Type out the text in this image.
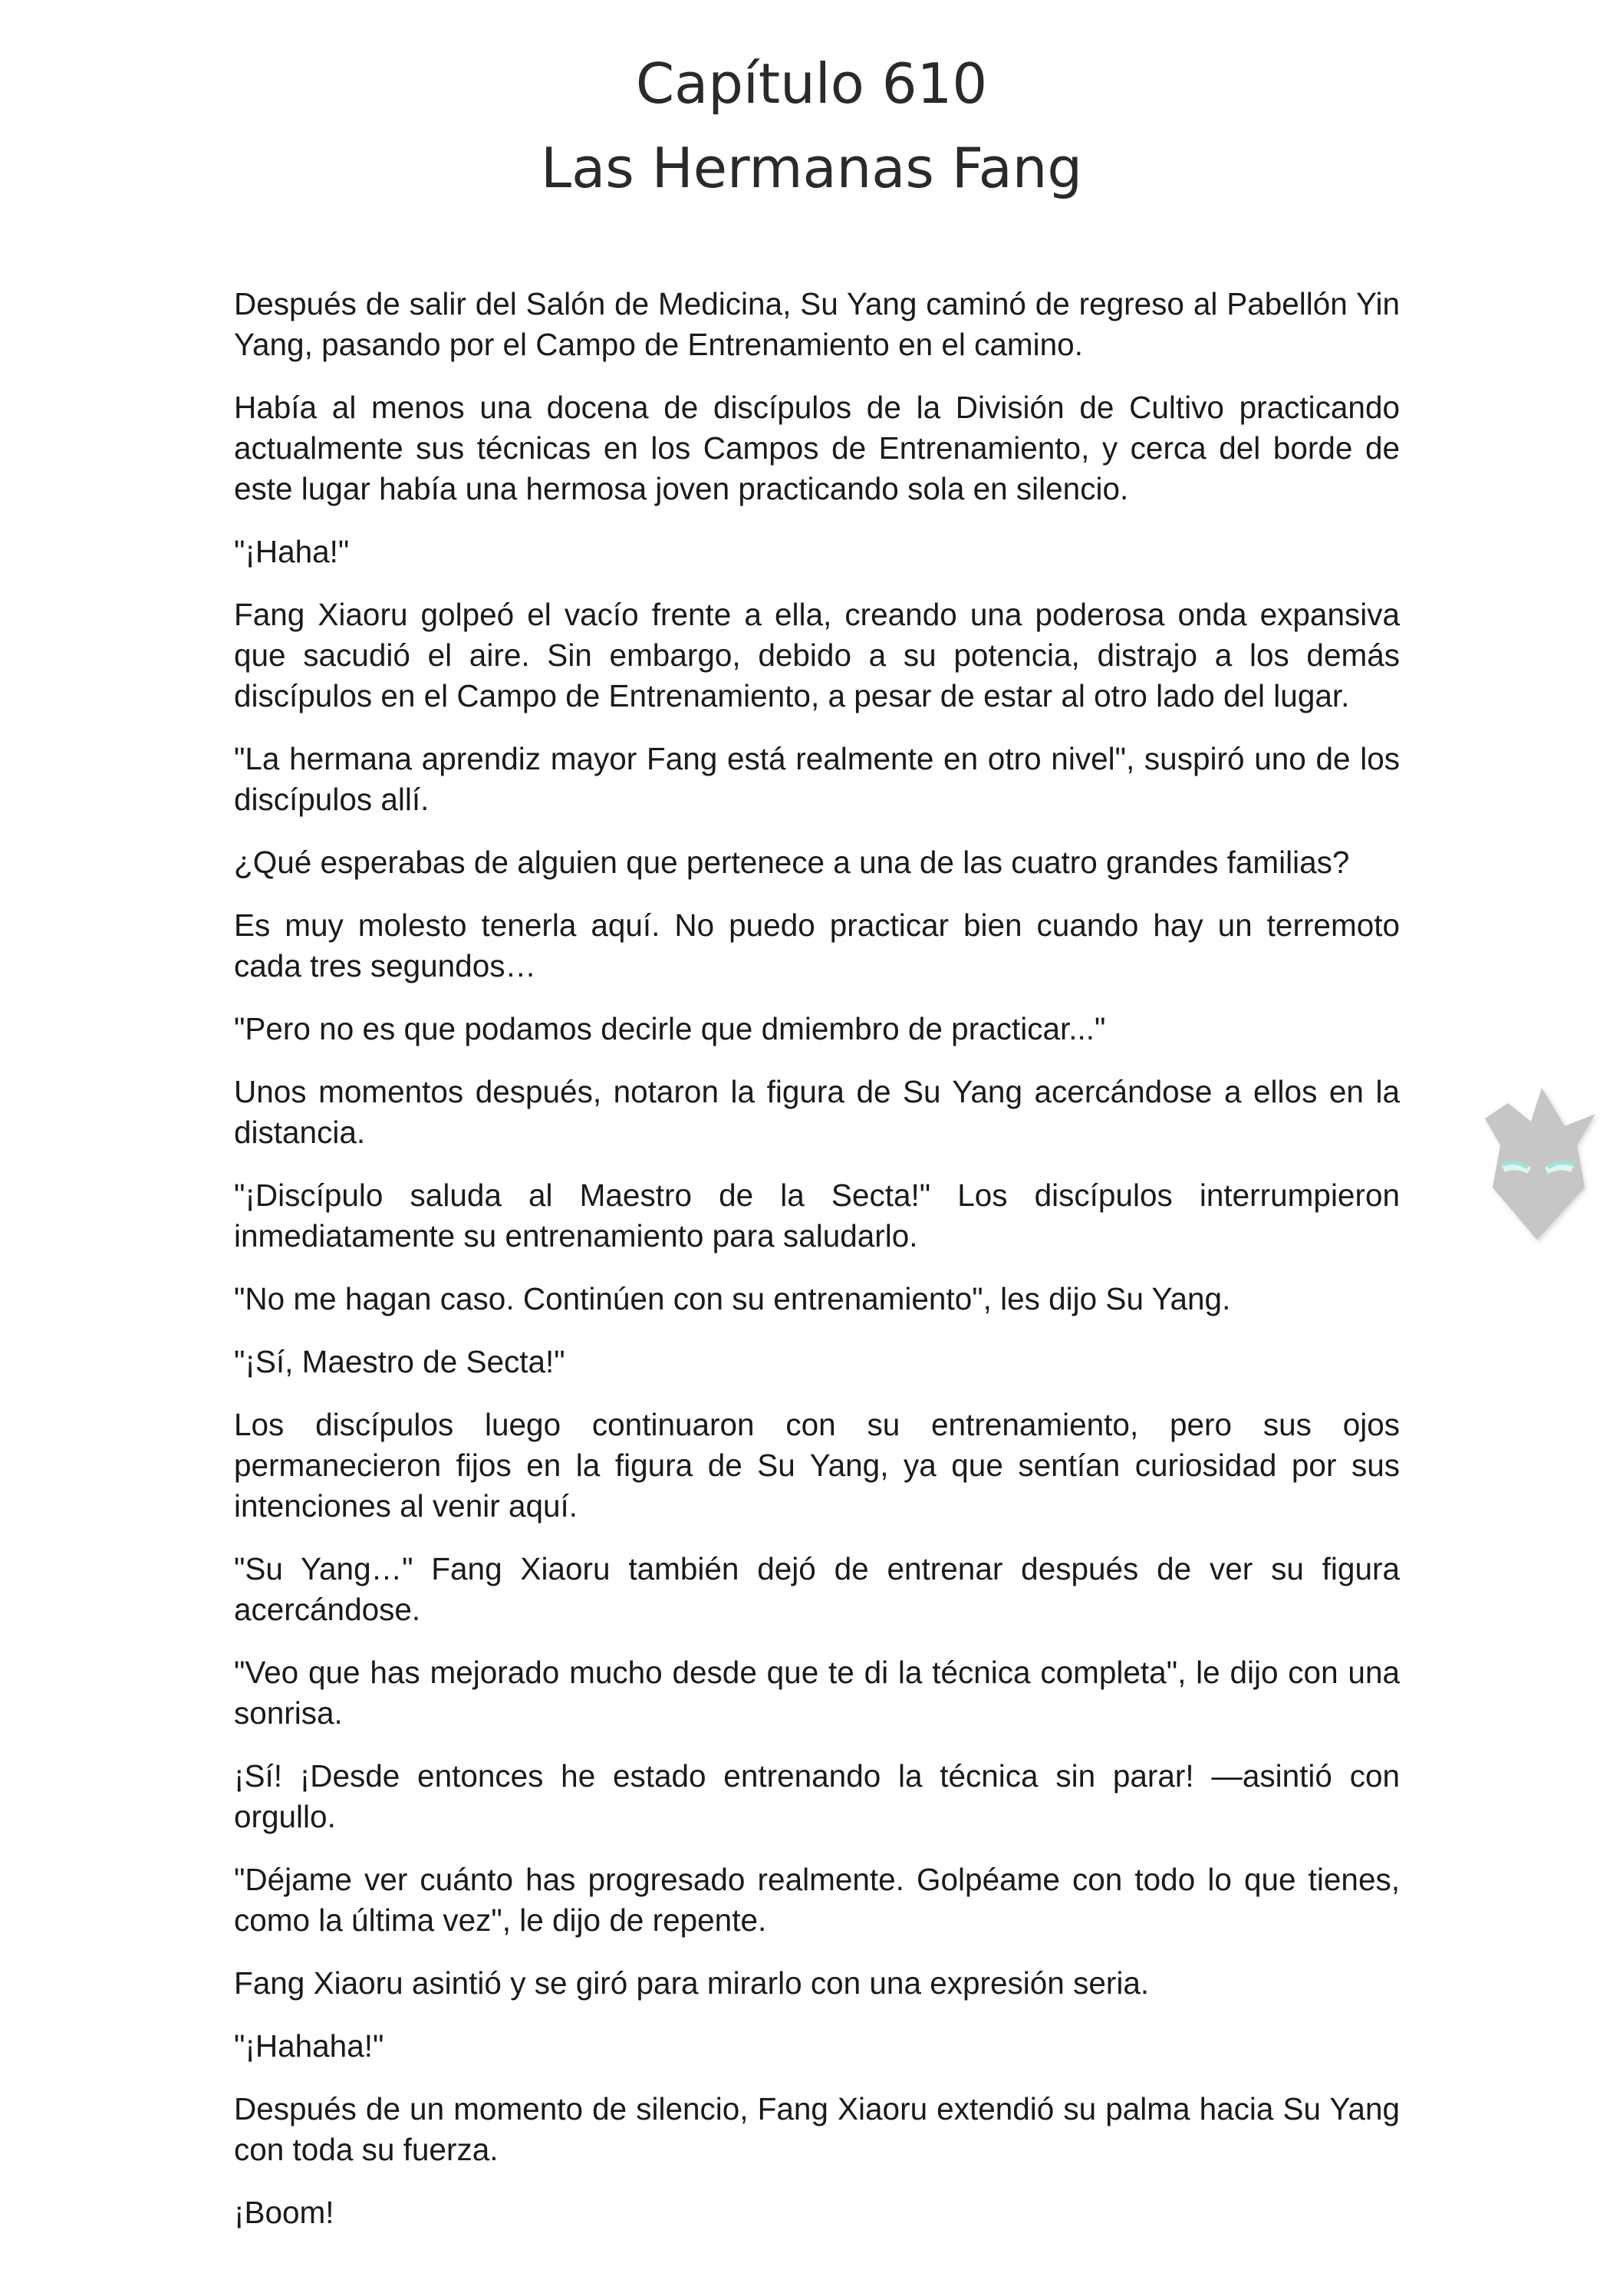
Capítulo 610
Las Hermanas Fang

Después de salir del Salón de Medicina, Su Yang caminó de regreso al Pabellón Yin Yang, pasando por el Campo de Entrenamiento en el camino.

Había al menos una docena de discípulos de la División de Cultivo practicando actualmente sus técnicas en los Campos de Entrenamiento, y cerca del borde de este lugar había una hermosa joven practicando sola en silencio.

"¡Haha!"

Fang Xiaoru golpeó el vacío frente a ella, creando una poderosa onda expansiva que sacudió el aire. Sin embargo, debido a su potencia, distrajo a los demás discípulos en el Campo de Entrenamiento, a pesar de estar al otro lado del lugar.

"La hermana aprendiz mayor Fang está realmente en otro nivel", suspiró uno de los discípulos allí.

¿Qué esperabas de alguien que pertenece a una de las cuatro grandes familias?

Es muy molesto tenerla aquí. No puedo practicar bien cuando hay un terremoto cada tres segundos…

"Pero no es que podamos decirle que dmiembro de practicar..."

Unos momentos después, notaron la figura de Su Yang acercándose a ellos en la distancia.

"¡Discípulo saluda al Maestro de la Secta!" Los discípulos interrumpieron inmediatamente su entrenamiento para saludarlo.

"No me hagan caso. Continúen con su entrenamiento", les dijo Su Yang.

"¡Sí, Maestro de Secta!"

Los discípulos luego continuaron con su entrenamiento, pero sus ojos permanecieron fijos en la figura de Su Yang, ya que sentían curiosidad por sus intenciones al venir aquí.

"Su Yang…" Fang Xiaoru también dejó de entrenar después de ver su figura acercándose.

"Veo que has mejorado mucho desde que te di la técnica completa", le dijo con una sonrisa.

¡Sí! ¡Desde entonces he estado entrenando la técnica sin parar! —asintió con orgullo.

"Déjame ver cuánto has progresado realmente. Golpéame con todo lo que tienes, como la última vez", le dijo de repente.

Fang Xiaoru asintió y se giró para mirarlo con una expresión seria.

"¡Hahaha!"

Después de un momento de silencio, Fang Xiaoru extendió su palma hacia Su Yang con toda su fuerza.

¡Boom!
